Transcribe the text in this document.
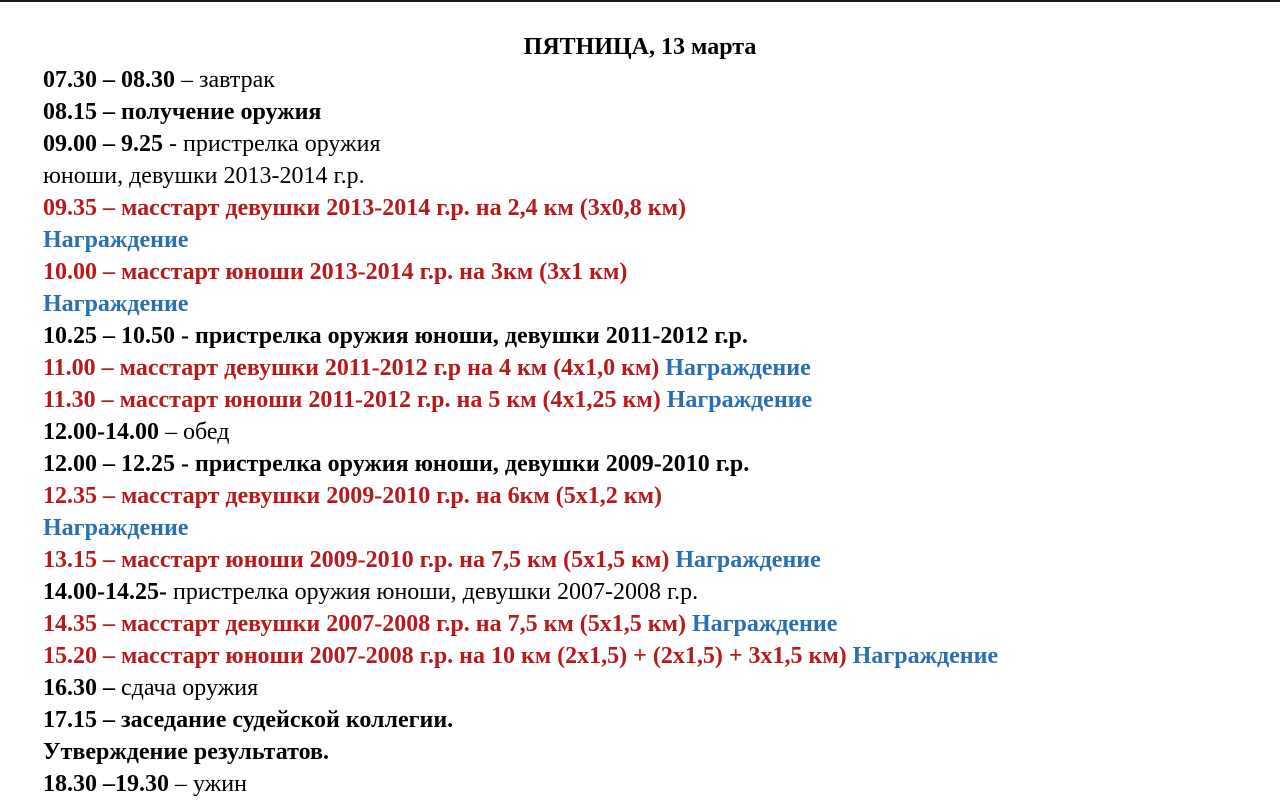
ПЯТНИЦА, 13 марта
07.30 – 08.30 – завтрак
08.15 – получение оружия
09.00 – 9.25 - пристрелка оружия
юноши, девушки 2013-2014 г.р.
09.35 – масстарт девушки 2013-2014 г.р. на 2,4 км (3х0,8 км)
Награждение
10.00 – масстарт юноши 2013-2014 г.р. на 3км (3х1 км)
Награждение
10.25 – 10.50 - пристрелка оружия юноши, девушки 2011-2012 г.р.
11.00 – масстарт девушки 2011-2012 г.р на 4 км (4х1,0 км) Награждение
11.30 – масстарт юноши 2011-2012 г.р. на 5 км (4х1,25 км) Награждение
12.00-14.00 – обед
12.00 – 12.25 - пристрелка оружия юноши, девушки 2009-2010 г.р.
12.35 – масстарт девушки 2009-2010 г.р. на 6км (5х1,2 км)
Награждение
13.15 – масстарт юноши 2009-2010 г.р. на 7,5 км (5х1,5 км) Награждение
14.00-14.25- пристрелка оружия юноши, девушки 2007-2008 г.р.
14.35 – масстарт девушки 2007-2008 г.р. на 7,5 км (5х1,5 км) Награждение
15.20 – масстарт юноши 2007-2008 г.р. на 10 км (2х1,5) + (2х1,5) + 3х1,5 км) Награждение
16.30 – сдача оружия
17.15 – заседание судейской коллегии.
Утверждение результатов.
18.30 –19.30 – ужин
